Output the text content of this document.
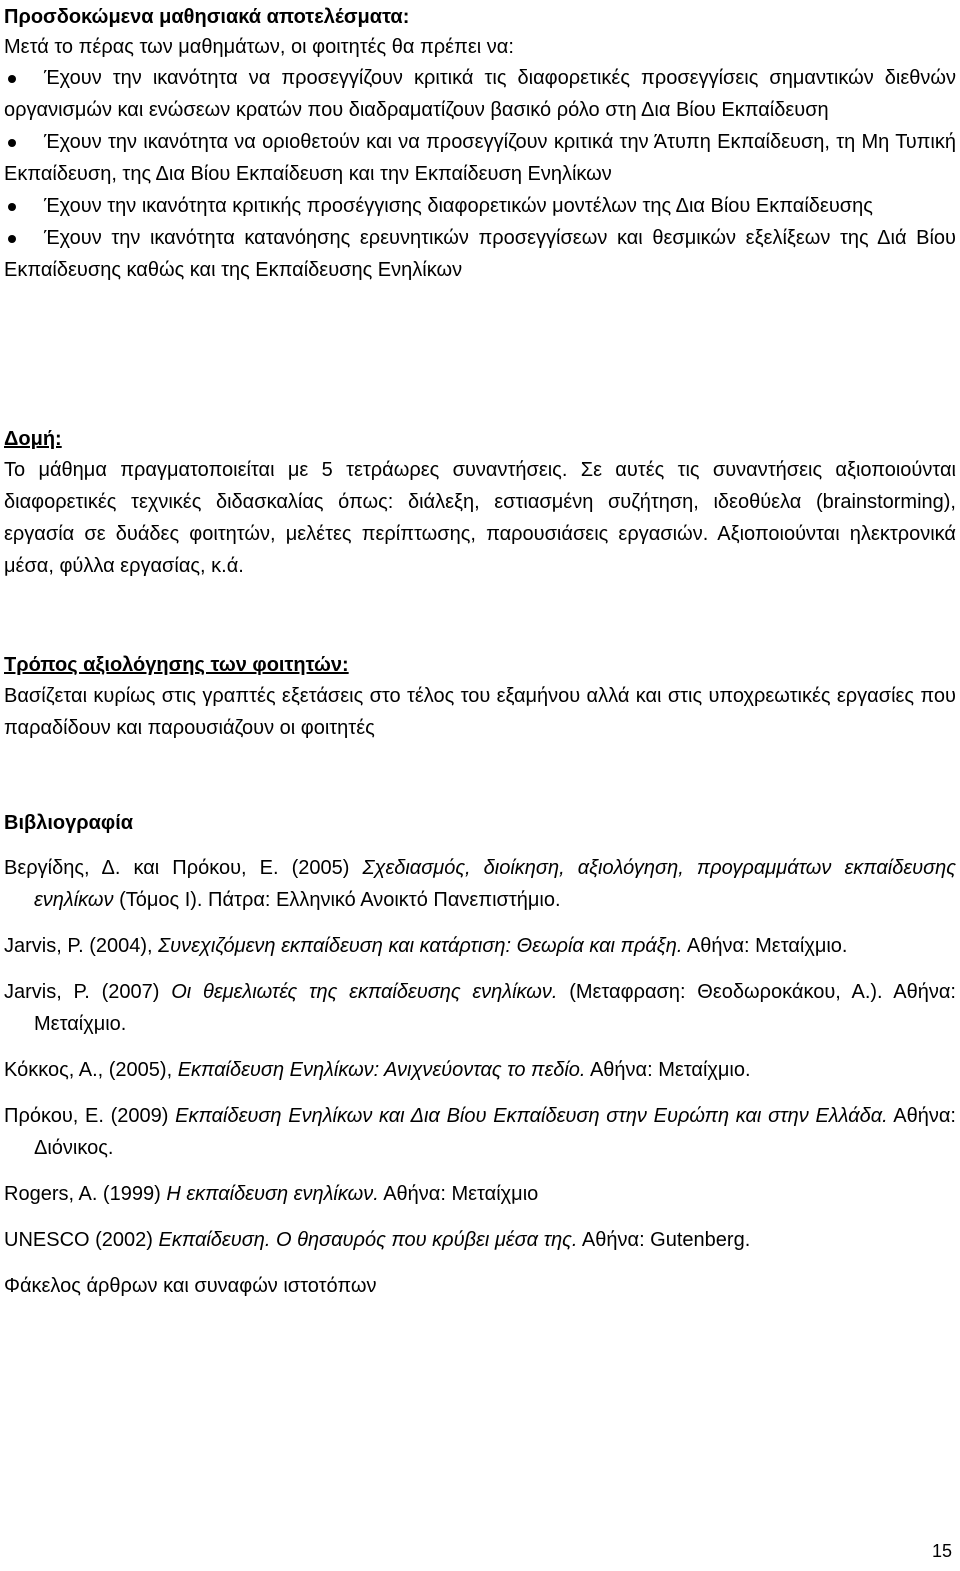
Προσδοκώμενα μαθησιακά αποτελέσματα:
Μετά το πέρας των μαθημάτων, οι φοιτητές θα πρέπει να:
Έχουν την ικανότητα να προσεγγίζουν κριτικά τις διαφορετικές προσεγγίσεις σημαντικών διεθνών οργανισμών και ενώσεων κρατών που διαδραματίζουν βασικό ρόλο στη Δια Βίου Εκπαίδευση
Έχουν την ικανότητα να οριοθετούν και να προσεγγίζουν κριτικά την Άτυπη Εκπαίδευση, τη Μη Τυπική Εκπαίδευση, της Δια Βίου Εκπαίδευση και την Εκπαίδευση Ενηλίκων
Έχουν την ικανότητα κριτικής προσέγγισης διαφορετικών μοντέλων της Δια Βίου Εκπαίδευσης
Έχουν την ικανότητα κατανόησης ερευνητικών προσεγγίσεων και θεσμικών εξελίξεων της Διά Βίου Εκπαίδευσης καθώς και της Εκπαίδευσης Ενηλίκων
Δομή:
Το μάθημα πραγματοποιείται με 5 τετράωρες συναντήσεις. Σε αυτές τις συναντήσεις αξιοποιούνται διαφορετικές τεχνικές διδασκαλίας όπως: διάλεξη, εστιασμένη συζήτηση, ιδεοθύελα (brainstorming), εργασία σε δυάδες φοιτητών, μελέτες περίπτωσης, παρουσιάσεις εργασιών. Αξιοποιούνται ηλεκτρονικά μέσα, φύλλα εργασίας, κ.ά.
Τρόπος αξιολόγησης των φοιτητών:
Βασίζεται κυρίως στις γραπτές εξετάσεις στο τέλος του εξαμήνου αλλά και στις υποχρεωτικές εργασίες που παραδίδουν και παρουσιάζουν οι φοιτητές
Βιβλιογραφία
Βεργίδης, Δ. και Πρόκου, Ε. (2005) Σχεδιασμός, διοίκηση, αξιολόγηση, προγραμμάτων εκπαίδευσης ενηλίκων (Τόμος Ι). Πάτρα: Ελληνικό Ανοικτό Πανεπιστήμιο.
Jarvis, P. (2004), Συνεχιζόμενη εκπαίδευση και κατάρτιση: Θεωρία και πράξη. Αθήνα: Μεταίχμιο.
Jarvis, P. (2007) Οι θεμελιωτές της εκπαίδευσης ενηλίκων. (Μεταφραση: Θεοδωροκάκου, Α.). Αθήνα: Μεταίχμιο.
Κόκκος, Α., (2005), Εκπαίδευση Ενηλίκων: Ανιχνεύοντας το πεδίο. Αθήνα: Μεταίχμιο.
Πρόκου, Ε. (2009) Εκπαίδευση Ενηλίκων και Δια Βίου Εκπαίδευση στην Ευρώπη και στην Ελλάδα. Αθήνα: Διόνικος.
Rogers, A. (1999) Η εκπαίδευση ενηλίκων. Αθήνα: Μεταίχμιο
UNESCO (2002) Εκπαίδευση. Ο θησαυρός που κρύβει μέσα της. Αθήνα: Gutenberg.
Φάκελος άρθρων και συναφών ιστοτόπων
15
